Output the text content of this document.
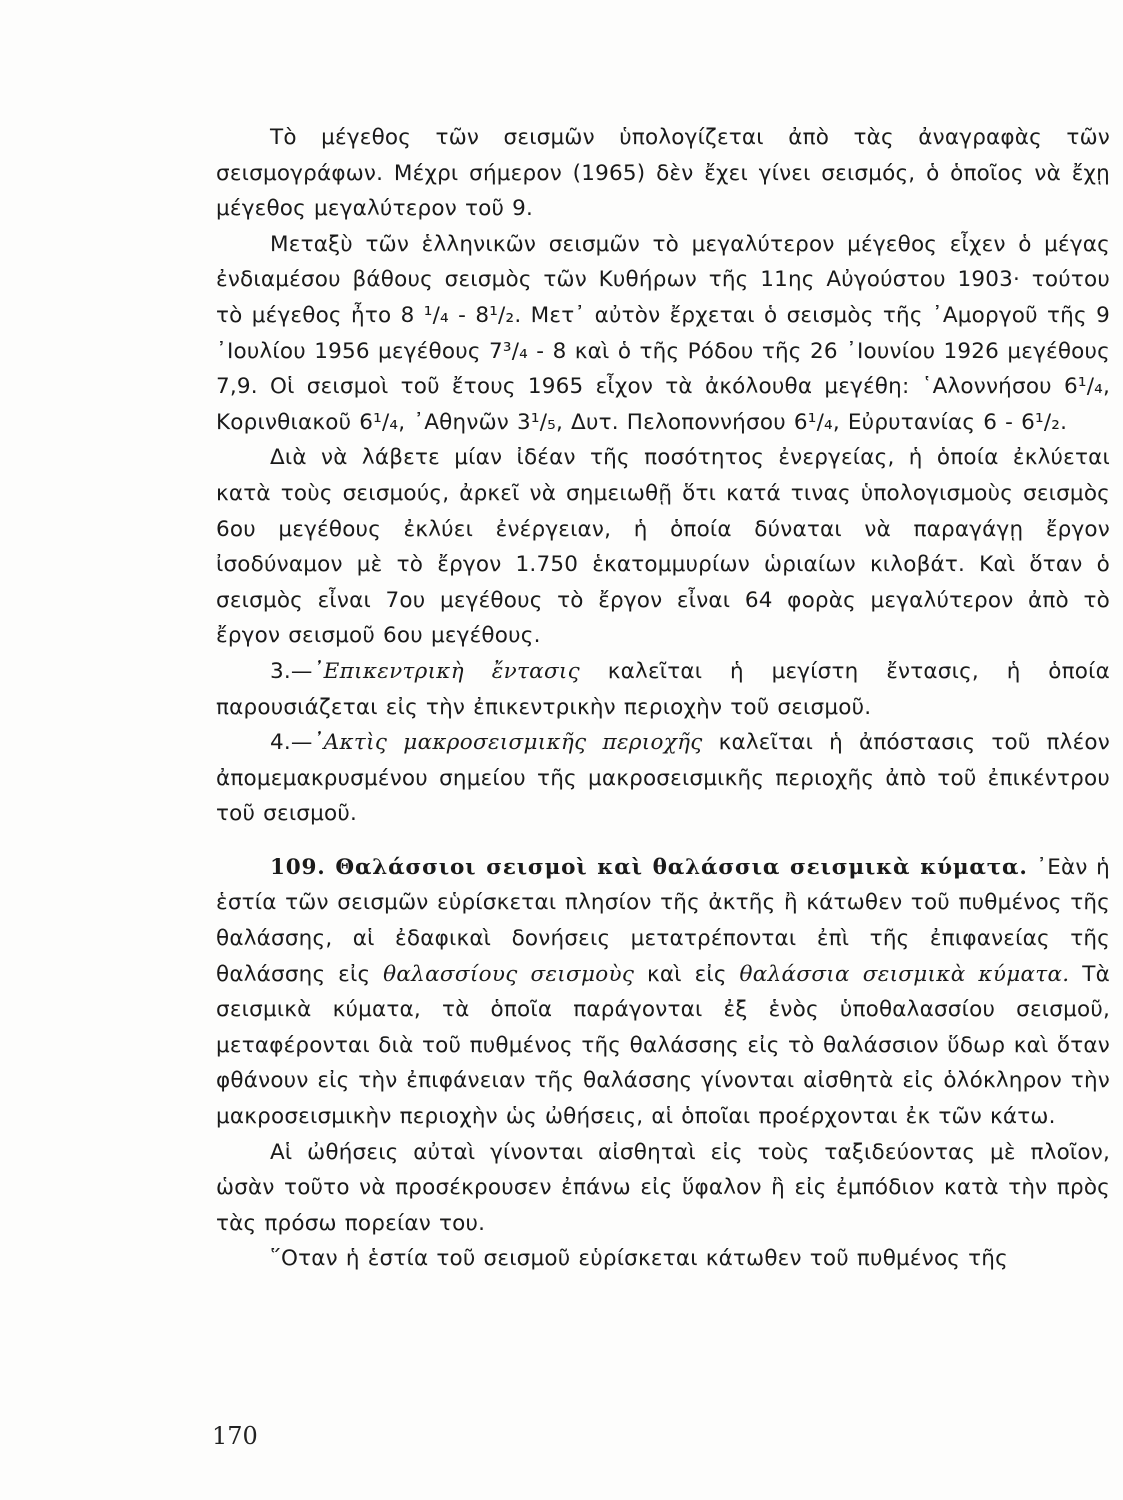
Τὸ μέγεθος τῶν σεισμῶν ὑπολογίζεται ἀπὸ τὰς ἀναγραφὰς τῶν σεισμογράφων. Μέχρι σήμερον (1965) δὲν ἔχει γίνει σεισμός, ὁ ὁποῖος νὰ ἔχῃ μέγεθος μεγαλύτερον τοῦ 9.

Μεταξὺ τῶν ἑλληνικῶν σεισμῶν τὸ μεγαλύτερον μέγεθος εἶχεν ὁ μέγας ἐνδιαμέσου βάθους σεισμὸς τῶν Κυθήρων τῆς 11ης Αὐγούστου 1903· τούτου τὸ μέγεθος ἦτο 8 ¹/₄ - 8¹/₂. Μετ᾽ αὐτὸν ἔρχεται ὁ σεισμὸς τῆς ᾿Αμοργοῦ τῆς 9 ᾿Ιουλίου 1956 μεγέθους 7³/₄ - 8 καὶ ὁ τῆς Ρόδου τῆς 26 ᾿Ιουνίου 1926 μεγέθους 7,9. Οἱ σεισμοὶ τοῦ ἔτους 1965 εἶχον τὰ ἀκόλουθα μεγέθη: ῾Αλοννήσου 6¹/₄, Κορινθιακοῦ 6¹/₄, ᾿Αθηνῶν 3¹/₅, Δυτ. Πελοποννήσου 6¹/₄, Εὐρυτανίας 6 - 6¹/₂.

Διὰ νὰ λάβετε μίαν ἰδέαν τῆς ποσότητος ἐνεργείας, ἡ ὁποία ἐκλύεται κατὰ τοὺς σεισμούς, ἀρκεῖ νὰ σημειωθῇ ὅτι κατά τινας ὑπολογισμοὺς σεισμὸς 6ου μεγέθους ἐκλύει ἐνέργειαν, ἡ ὁποία δύναται νὰ παραγάγῃ ἔργον ἰσοδύναμον μὲ τὸ ἔργον 1.750 ἑκατομμυρίων ὡριαίων κιλοβάτ. Καὶ ὅταν ὁ σεισμὸς εἶναι 7ου μεγέθους τὸ ἔργον εἶναι 64 φορὰς μεγαλύτερον ἀπὸ τὸ ἔργον σεισμοῦ 6ου μεγέθους.

3.—᾿Επικεντρικὴ ἔντασις καλεῖται ἡ μεγίστη ἔντασις, ἡ ὁποία παρουσιάζεται εἰς τὴν ἐπικεντρικὴν περιοχὴν τοῦ σεισμοῦ.

4.—᾿Ακτὶς μακροσεισμικῆς περιοχῆς καλεῖται ἡ ἀπόστασις τοῦ πλέον ἀπομεμακρυσμένου σημείου τῆς μακροσεισμικῆς περιοχῆς ἀπὸ τοῦ ἐπικέντρου τοῦ σεισμοῦ.

109. Θαλάσσιοι σεισμοὶ καὶ θαλάσσια σεισμικὰ κύματα. ᾿Εὰν ἡ ἑστία τῶν σεισμῶν εὑρίσκεται πλησίον τῆς ἀκτῆς ἢ κάτωθεν τοῦ πυθμένος τῆς θαλάσσης, αἱ ἐδαφικαὶ δονήσεις μετατρέπονται ἐπὶ τῆς ἐπιφανείας τῆς θαλάσσης εἰς θαλασσίους σεισμοὺς καὶ εἰς θαλάσσια σεισμικὰ κύματα. Τὰ σεισμικὰ κύματα, τὰ ὁποῖα παράγονται ἐξ ἑνὸς ὑποθαλασσίου σεισμοῦ, μεταφέρονται διὰ τοῦ πυθμένος τῆς θαλάσσης εἰς τὸ θαλάσσιον ὕδωρ καὶ ὅταν φθάνουν εἰς τὴν ἐπιφάνειαν τῆς θαλάσσης γίνονται αἰσθητὰ εἰς ὁλόκληρον τὴν μακροσεισμικὴν περιοχὴν ὡς ὠθήσεις, αἱ ὁποῖαι προέρχονται ἐκ τῶν κάτω.

Αἱ ὠθήσεις αὐταὶ γίνονται αἰσθηταὶ εἰς τοὺς ταξιδεύοντας μὲ πλοῖον, ὡσὰν τοῦτο νὰ προσέκρουσεν ἐπάνω εἰς ὕφαλον ἢ εἰς ἐμπόδιον κατὰ τὴν πρὸς τὰς πρόσω πορείαν του.

῞Οταν ἡ ἑστία τοῦ σεισμοῦ εὑρίσκεται κάτωθεν τοῦ πυθμένος τῆς

170
